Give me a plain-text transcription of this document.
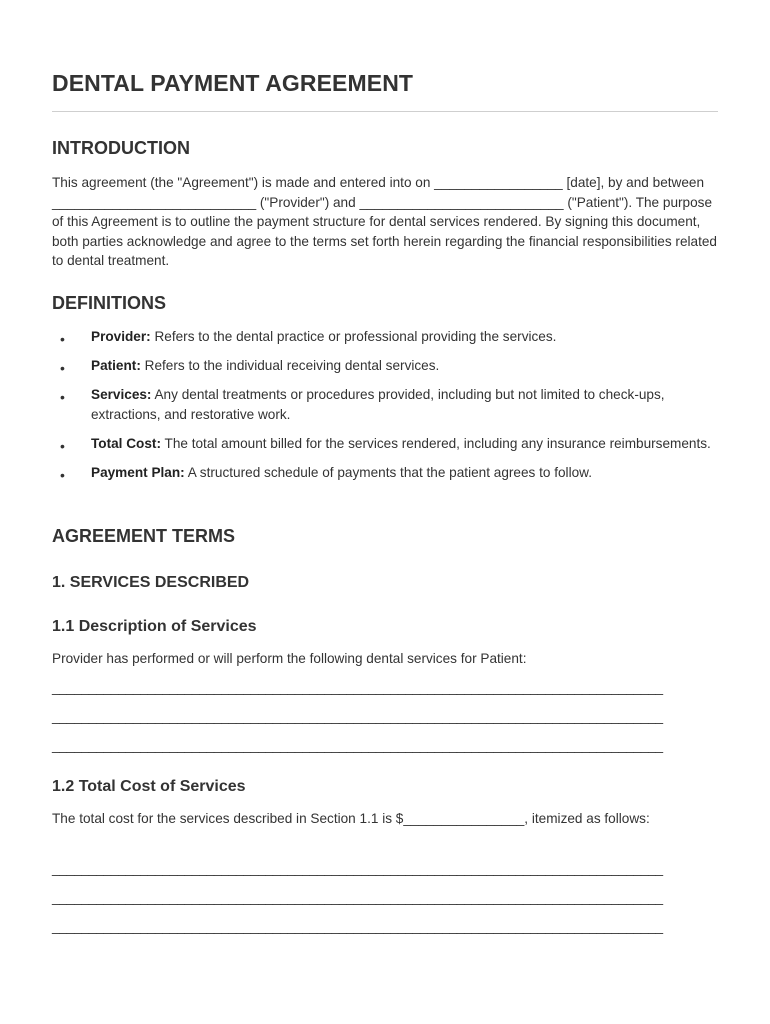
DENTAL PAYMENT AGREEMENT
INTRODUCTION

This agreement (the "Agreement") is made and entered into on _________________ [date], by and between ___________________________ ("Provider") and ___________________________ ("Patient"). The purpose of this Agreement is to outline the payment structure for dental services rendered. By signing this document, both parties acknowledge and agree to the terms set forth herein regarding the financial responsibilities related to dental treatment.

DEFINITIONS
• Provider: Refers to the dental practice or professional providing the services.
• Patient: Refers to the individual receiving dental services.
• Services: Any dental treatments or procedures provided, including but not limited to check-ups, extractions, and restorative work.
• Total Cost: The total amount billed for the services rendered, including any insurance reimbursements.
• Payment Plan: A structured schedule of payments that the patient agrees to follow.
AGREEMENT TERMS
1. SERVICES DESCRIBED
1.1 Description of Services

Provider has performed or will perform the following dental services for Patient:

___________________________________________________________________________________
___________________________________________________________________________________
___________________________________________________________________________________
1.2 Total Cost of Services

The total cost for the services described in Section 1.1 is $________________, itemized as follows:

___________________________________________________________________________________
___________________________________________________________________________________
___________________________________________________________________________________
